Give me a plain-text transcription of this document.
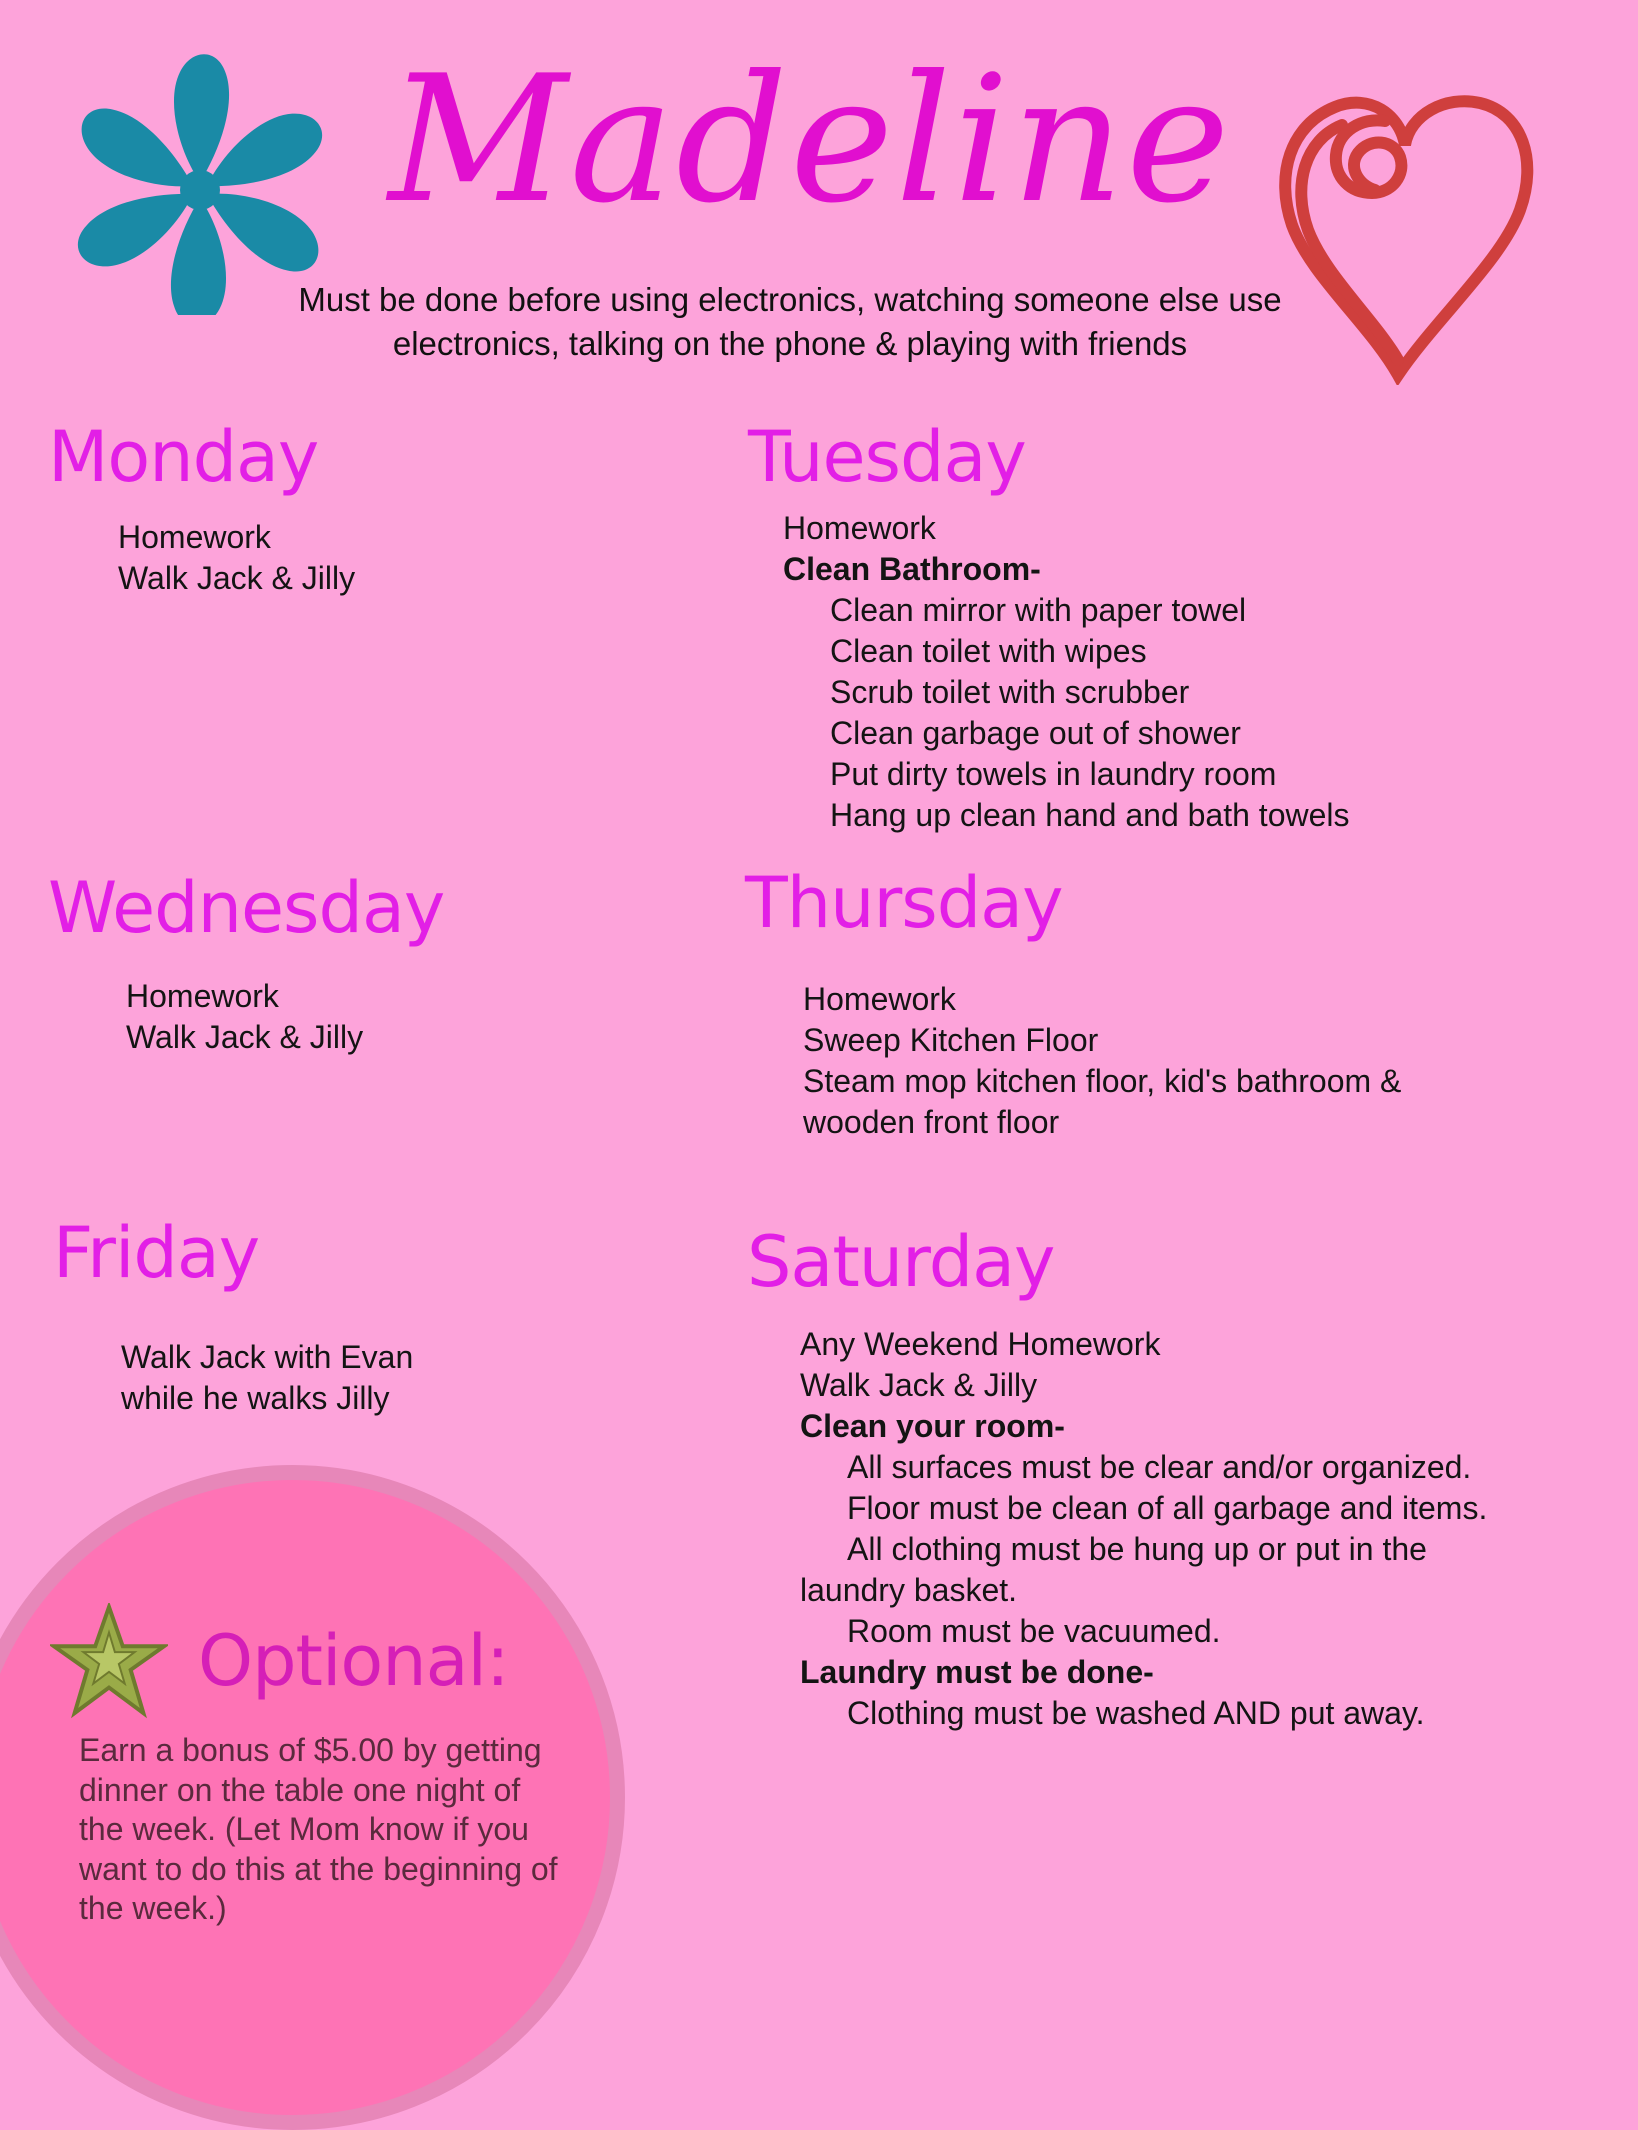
Madeline
Must be done before using electronics, watching someone else use
electronics, talking on the phone & playing with friends
Monday
Homework
Walk Jack & Jilly
Tuesday
Homework
Clean Bathroom-
Clean mirror with paper towel
Clean toilet with wipes
Scrub toilet with scrubber
Clean garbage out of shower
Put dirty towels in laundry room
Hang up clean hand and bath towels
Wednesday
Homework
Walk Jack & Jilly
Thursday
Homework
Sweep Kitchen Floor
Steam mop kitchen floor, kid's bathroom &
wooden front floor
Friday
Walk Jack with Evan
while he walks Jilly
Saturday
Any Weekend Homework
Walk Jack & Jilly
Clean your room-
All surfaces must be clear and/or organized.
Floor must be clean of all garbage and items.
All clothing must be hung up or put in the
laundry basket.
Room must be vacuumed.
Laundry must be done-
Clothing must be washed AND put away.
Optional:
Earn a bonus of $5.00 by getting
dinner on the table one night of
the week. (Let Mom know if you
want to do this at the beginning of
the week.)
